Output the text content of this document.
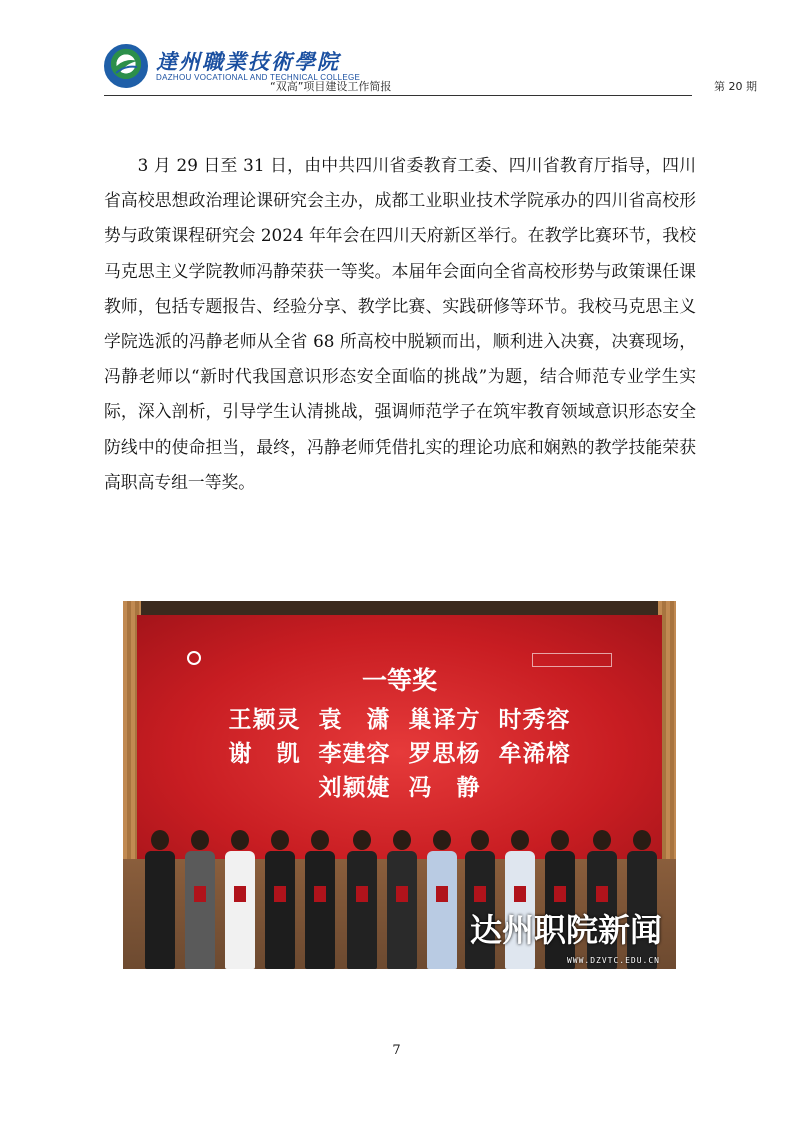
達州職業技術學院
DAZHOU VOCATIONAL AND TECHNICAL COLLEGE
“双高”项目建设工作简报	第 20 期

3 月 29 日至 31 日，由中共四川省委教育工委、四川省教育厅指导，四川省高校思想政治理论课研究会主办，成都工业职业技术学院承办的四川省高校形势与政策课程研究会 2024 年年会在四川天府新区举行。在教学比赛环节，我校马克思主义学院教师冯静荣获一等奖。本届年会面向全省高校形势与政策课任课教师，包括专题报告、经验分享、教学比赛、实践研修等环节。我校马克思主义学院选派的冯静老师从全省 68 所高校中脱颖而出，顺利进入决赛，决赛现场，冯静老师以“新时代我国意识形态安全面临的挑战”为题，结合师范专业学生实际，深入剖析，引导学生认清挑战，强调师范学子在筑牢教育领域意识形态安全防线中的使命担当，最终，冯静老师凭借扎实的理论功底和娴熟的教学技能荣获高职高专组一等奖。

一等奖
王颖灵 袁　潇 巢译方 时秀容
谢　凯 李建容 罗思杨 牟浠榕
刘颖婕 冯　静
达州职院新闻
WWW.DZVTC.EDU.CN
7
